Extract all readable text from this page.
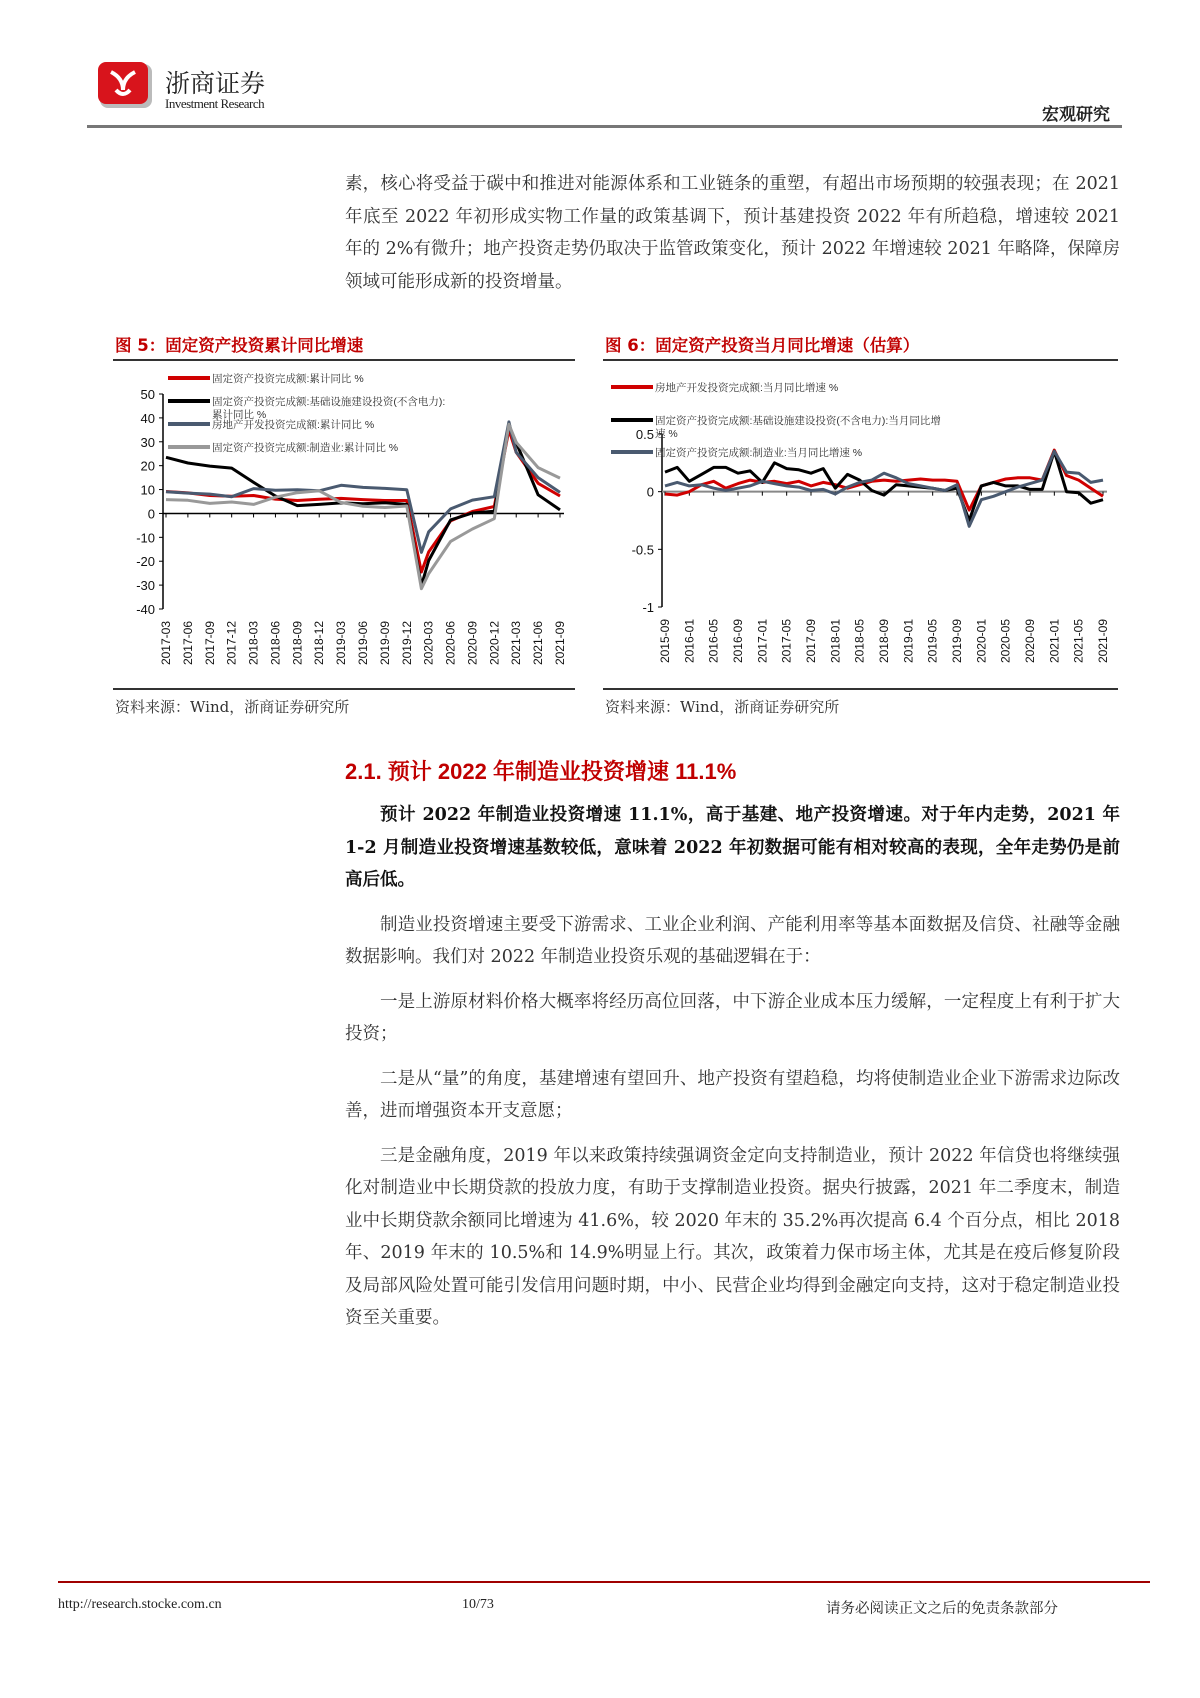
浙商证券
Investment Research
宏观研究

素，核心将受益于碳中和推进对能源体系和工业链条的重塑，有超出市场预期的较强表现；在 2021 年底至 2022 年初形成实物工作量的政策基调下，预计基建投资 2022 年有所趋稳，增速较 2021 年的 2%有微升；地产投资走势仍取决于监管政策变化，预计 2022 年增速较 2021 年略降，保障房领域可能形成新的投资增量。

图 5：固定资产投资累计同比增速
50
40
30
20
10
0
-10
-20
-30
-40
2017-03 2017-06 2017-09 2017-12 2018-03 2018-06 2018-09 2018-12 2019-03 2019-06 2019-09 2019-12 2020-03 2020-06 2020-09 2020-12 2021-03 2021-06 2021-09
固定资产投资完成额:累计同比 %
固定资产投资完成额:基础设施建设投资(不含电力):
累计同比 %
房地产开发投资完成额:累计同比 %
固定资产投资完成额:制造业:累计同比 %
资料来源：Wind，浙商证券研究所
图 6：固定资产投资当月同比增速（估算）
0.5
0
-0.5
-1
2015-09 2016-01 2016-05 2016-09 2017-01 2017-05 2017-09 2018-01 2018-05 2018-09 2019-01 2019-05 2019-09 2020-01 2020-05 2020-09 2021-01 2021-05 2021-09
房地产开发投资完成额:当月同比增速 %
固定资产投资完成额:基础设施建设投资(不含电力):当月同比增
速 %
固定资产投资完成额:制造业:当月同比增速 %
资料来源：Wind，浙商证券研究所
2.1. 预计 2022 年制造业投资增速 11.1%

预计 2022 年制造业投资增速 11.1%，高于基建、地产投资增速。对于年内走势，2021 年 1-2 月制造业投资增速基数较低，意味着 2022 年初数据可能有相对较高的表现，全年走势仍是前高后低。

制造业投资增速主要受下游需求、工业企业利润、产能利用率等基本面数据及信贷、社融等金融数据影响。我们对 2022 年制造业投资乐观的基础逻辑在于：

一是上游原材料价格大概率将经历高位回落，中下游企业成本压力缓解，一定程度上有利于扩大投资；

二是从“量”的角度，基建增速有望回升、地产投资有望趋稳，均将使制造业企业下游需求边际改善，进而增强资本开支意愿；

三是金融角度，2019 年以来政策持续强调资金定向支持制造业，预计 2022 年信贷也将继续强化对制造业中长期贷款的投放力度，有助于支撑制造业投资。据央行披露，2021 年二季度末，制造业中长期贷款余额同比增速为 41.6%，较 2020 年末的 35.2%再次提高 6.4 个百分点，相比 2018 年、2019 年末的 10.5%和 14.9%明显上行。其次，政策着力保市场主体，尤其是在疫后修复阶段及局部风险处置可能引发信用问题时期，中小、民营企业均得到金融定向支持，这对于稳定制造业投资至关重要。

http://research.stocke.com.cn	10/73	请务必阅读正文之后的免责条款部分
